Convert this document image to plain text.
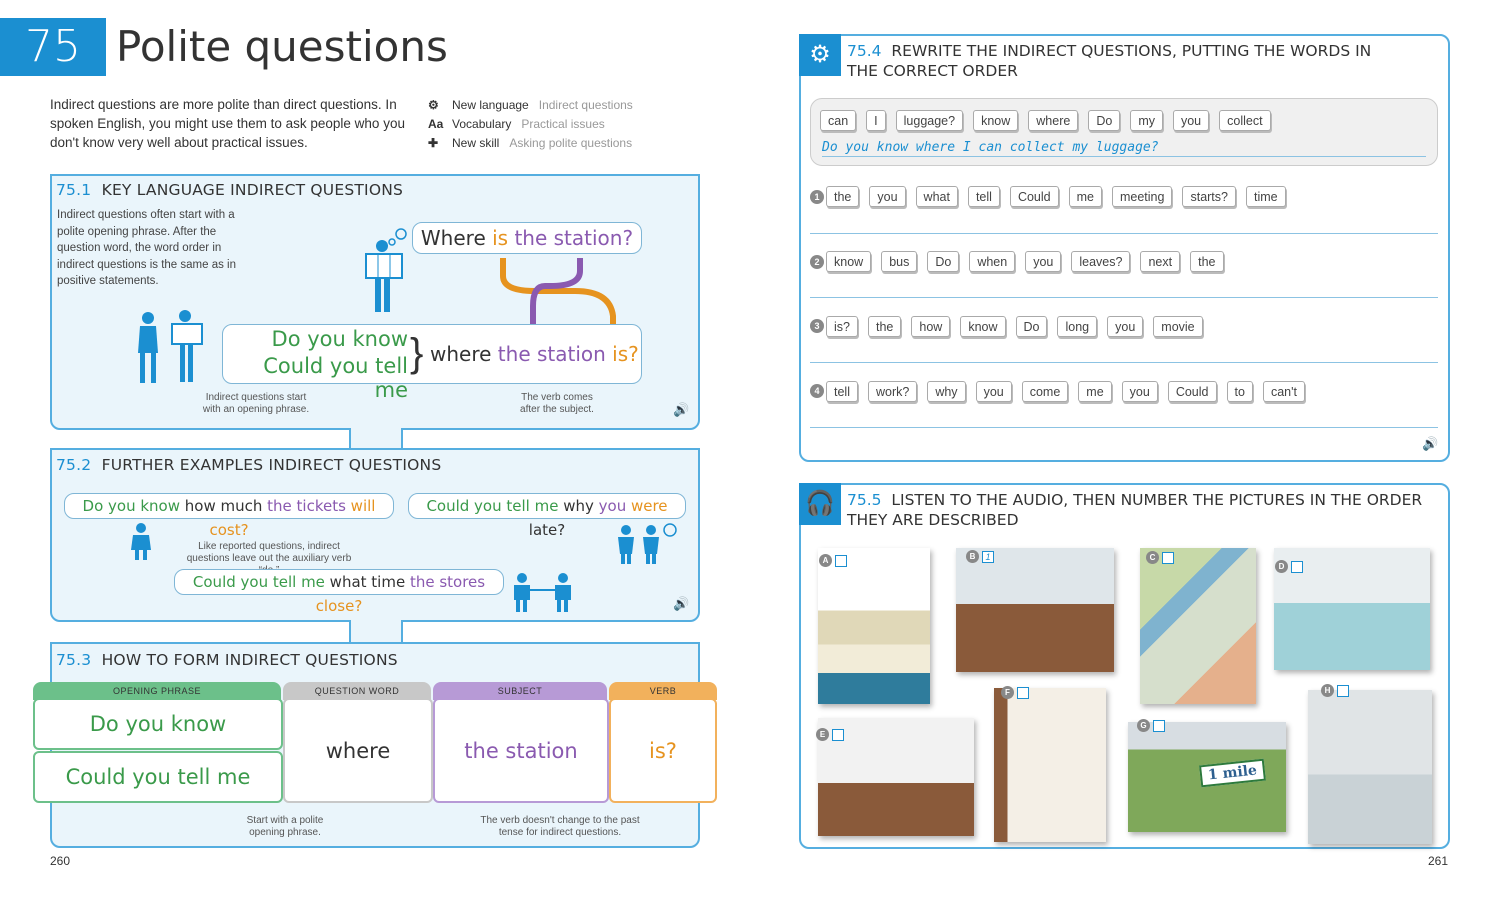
75 Polite questions
Indirect questions are more polite than direct questions. In spoken English, you might use them to ask people who you don't know very well about practical issues.
⚙	New language Indirect questions
Aa Vocabulary Practical issues
✚	New skill Asking polite questions
75.1 KEY LANGUAGE INDIRECT QUESTIONS
Indirect questions often start with a polite opening phrase. After the question word, the word order in indirect questions is the same as in positive statements.
Where is the station?
Do you know
Could you tell me
} where the station is?
Indirect questions start with an opening phrase.
The verb comes after the subject.	🔊
75.2 FURTHER EXAMPLES INDIRECT QUESTIONS
Do you know how much the tickets will cost?
Could you tell me why you were late?
Like reported questions, indirect questions leave out the auxiliary verb
Could you tell me what time the stores close?	🔊
75.3 HOW TO FORM INDIRECT QUESTIONS
OPENING PHRASE	QUESTION WORD	SUBJECT	VERB
Do you know
Could you tell me
where	the station	is?
Start with a polite opening phrase.
The verb doesn't change to the past tense for indirect questions.
260
⚙	75.4 REWRITE THE INDIRECT QUESTIONS, PUTTING THE WORDS IN THE CORRECT ORDER
can	I	luggage?	know	where	Do	my	you	collect
Do you know where I can collect my luggage?
1	the	you	what	tell	Could	me	meeting	starts?	time
2	know	bus	Do	when	you	leaves?	next	the
3	is?	the	how	know	Do	long	you	movie
4	tell	work?	why	you	come	me	you	Could	to	can't
🔊
🎧 75.5 LISTEN TO THE AUDIO, THEN NUMBER THE PICTURES IN THE ORDER THEY ARE DESCRIBED
1 mile
A	B	1	C
D
E
F
G
H
261
